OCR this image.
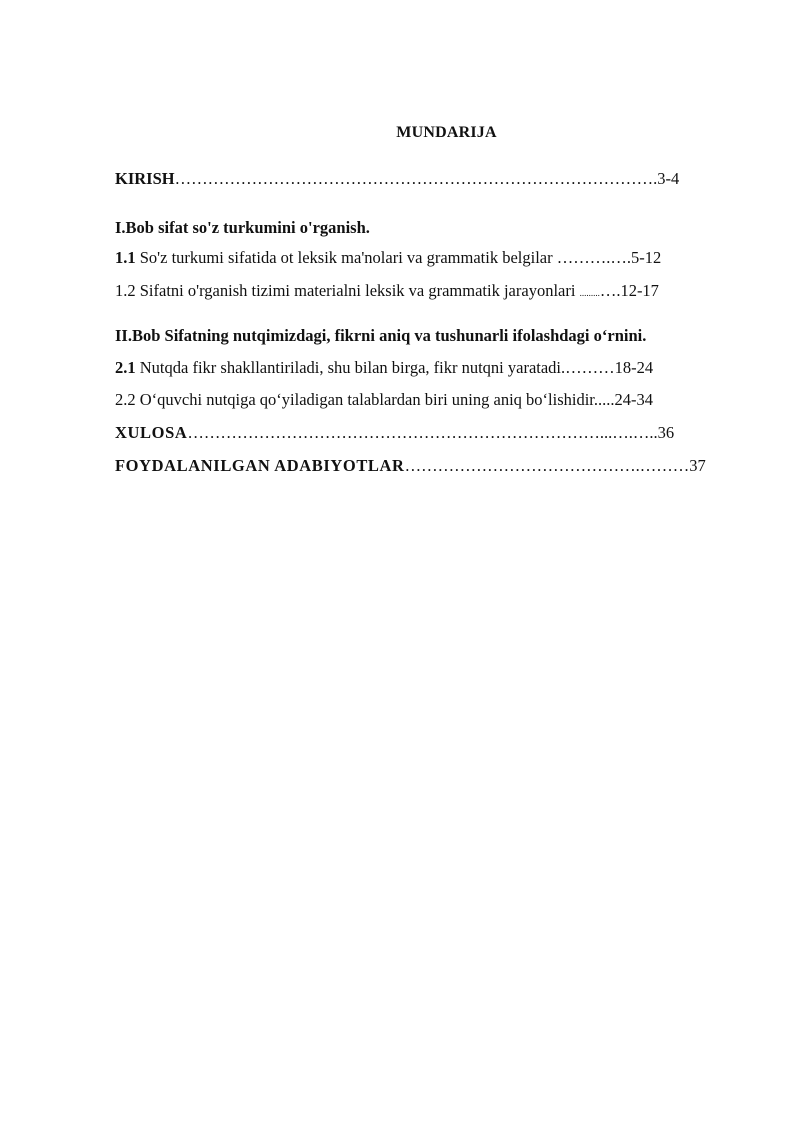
MUNDARIJA
KIRISH…………………………………………………………………………….3-4
I.Bob sifat so'z turkumini o'rganish.
1.1 So'z turkumi sifatida ot leksik ma'nolari va grammatik belgilar ……….….5-12
1.2 Sifatni o'rganish tizimi materialni leksik va grammatik jarayonlari .........….12-17
II.Bob Sifatning nutqimizdagi, fikrni aniq va tushunarli ifolashdagi o‘rnini.
2.1 Nutqda fikr shakllantiriladi, shu bilan birga, fikr nutqni yaratadi.………18-24
2.2 O‘quvchi nutqiga qo‘yiladigan talablardan biri uning aniq bo‘lishidir.....24-34
XULOSA…………………………………………………………………...….…..36
FOYDALANILGAN ADABIYOTLAR…………………………………….………37
